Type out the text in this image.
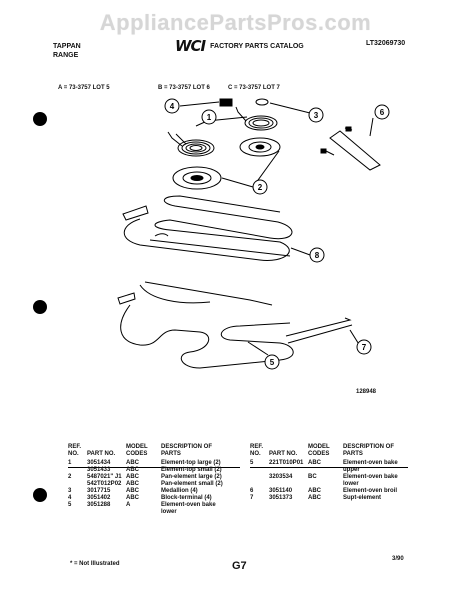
AppliancePartsPros.com
TAPPAN
RANGE
WCI FACTORY PARTS CATALOG	LT32069730
A = 73-3757 LOT 5	B = 73-3757 LOT 6	C = 73-3757 LOT 7
1
2
3
4
5
6
7
8
128948
REF. NO.	PART NO.	MODEL CODES	DESCRIPTION OF PARTS
1	3051434	ABC	Element-top large (2)
	3051433	ABC	Element-top small (2)
2	5487021" J1	ABC	Pan-element large (2)
	542T012P02	ABC	Pan-element small (2)
3	3017715	ABC	Medallion (4)
4	3051402	ABC	Block-terminal (4)
5	3051288	A	Element-oven bake lower
REF. NO.	PART NO.	MODEL CODES	DESCRIPTION OF PARTS
5	221T010P01	ABC	Element-oven bake upper
	3203534	BC	Element-oven bake lower
6	3051140	ABC	Element-oven broil
7	3051373	ABC	Supt-element
* = Not Illustrated	G7
3/90
